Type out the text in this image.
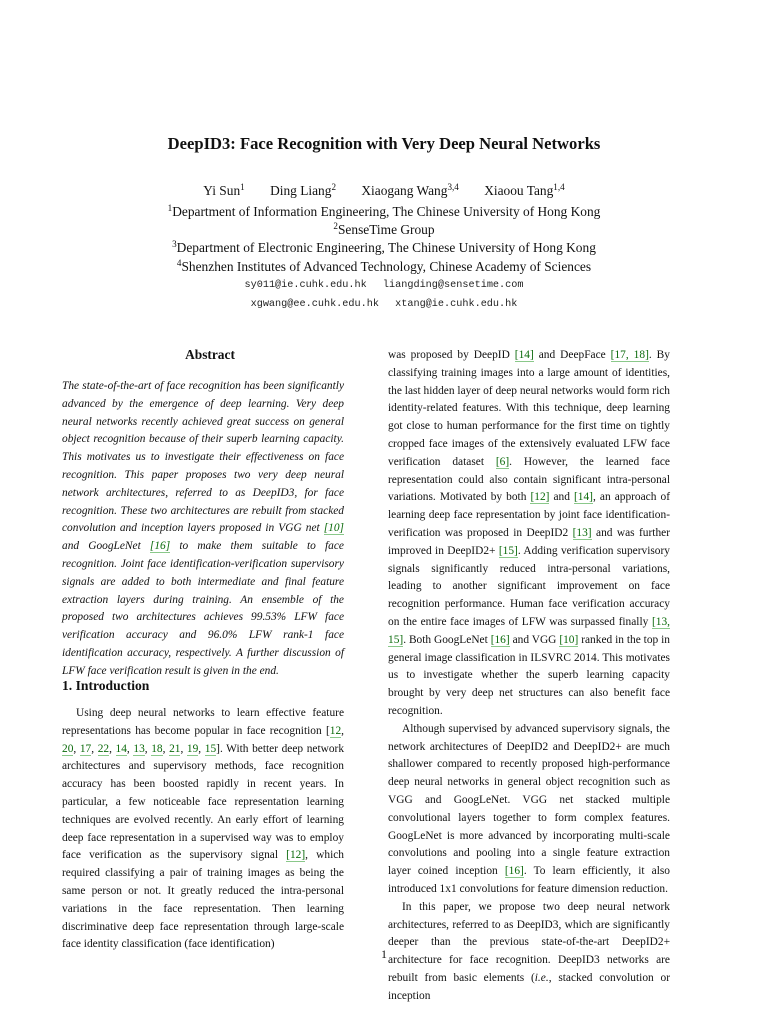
DeepID3: Face Recognition with Very Deep Neural Networks
Yi Sun$^1$ Ding Liang$^2$ Xiaogang Wang$^{3,4}$ Xiaoou Tang$^{1,4}$
$^1$Department of Information Engineering, The Chinese University of Hong Kong
$^2$SenseTime Group
$^3$Department of Electronic Engineering, The Chinese University of Hong Kong
$^4$Shenzhen Institutes of Advanced Technology, Chinese Academy of Sciences
sy011@ie.cuhk.edu.hk liangding@sensetime.com
xgwang@ee.cuhk.edu.hk xtang@ie.cuhk.edu.hk
Abstract
The state-of-the-art of face recognition has been significantly advanced by the emergence of deep learning. Very deep neural networks recently achieved great success on general object recognition because of their superb learning capacity. This motivates us to investigate their effectiveness on face recognition. This paper proposes two very deep neural network architectures, referred to as DeepID3, for face recognition. These two architectures are rebuilt from stacked convolution and inception layers proposed in VGG net [10] and GoogLeNet [16] to make them suitable to face recognition. Joint face identification-verification supervisory signals are added to both intermediate and final feature extraction layers during training. An ensemble of the proposed two architectures achieves 99.53% LFW face verification accuracy and 96.0% LFW rank-1 face identification accuracy, respectively. A further discussion of LFW face verification result is given in the end.
1. Introduction
Using deep neural networks to learn effective feature representations has become popular in face recognition [12, 20, 17, 22, 14, 13, 18, 21, 19, 15]. With better deep network architectures and supervisory methods, face recognition accuracy has been boosted rapidly in recent years. In particular, a few noticeable face representation learning techniques are evolved recently. An early effort of learning deep face representation in a supervised way was to employ face verification as the supervisory signal [12], which required classifying a pair of training images as being the same person or not. It greatly reduced the intra-personal variations in the face representation. Then learning discriminative deep face representation through large-scale face identity classification (face identification)

was proposed by DeepID [14] and DeepFace [17, 18]. By classifying training images into a large amount of identities, the last hidden layer of deep neural networks would form rich identity-related features. With this technique, deep learning got close to human performance for the first time on tightly cropped face images of the extensively evaluated LFW face verification dataset [6]. However, the learned face representation could also contain significant intra-personal variations. Motivated by both [12] and [14], an approach of learning deep face representation by joint face identification-verification was proposed in DeepID2 [13] and was further improved in DeepID2+ [15]. Adding verification supervisory signals significantly reduced intra-personal variations, leading to another significant improvement on face recognition performance. Human face verification accuracy on the entire face images of LFW was surpassed finally [13, 15]. Both GoogLeNet [16] and VGG [10] ranked in the top in general image classification in ILSVRC 2014. This motivates us to investigate whether the superb learning capacity brought by very deep net structures can also benefit face recognition.

Although supervised by advanced supervisory signals, the network architectures of DeepID2 and DeepID2+ are much shallower compared to recently proposed high-performance deep neural networks in general object recognition such as VGG and GoogLeNet. VGG net stacked multiple convolutional layers together to form complex features. GoogLeNet is more advanced by incorporating multi-scale convolutions and pooling into a single feature extraction layer coined inception [16]. To learn efficiently, it also introduced 1x1 convolutions for feature dimension reduction.

In this paper, we propose two deep neural network architectures, referred to as DeepID3, which are significantly deeper than the previous state-of-the-art DeepID2+ architecture for face recognition. DeepID3 networks are rebuilt from basic elements (i.e., stacked convolution or inception

1
